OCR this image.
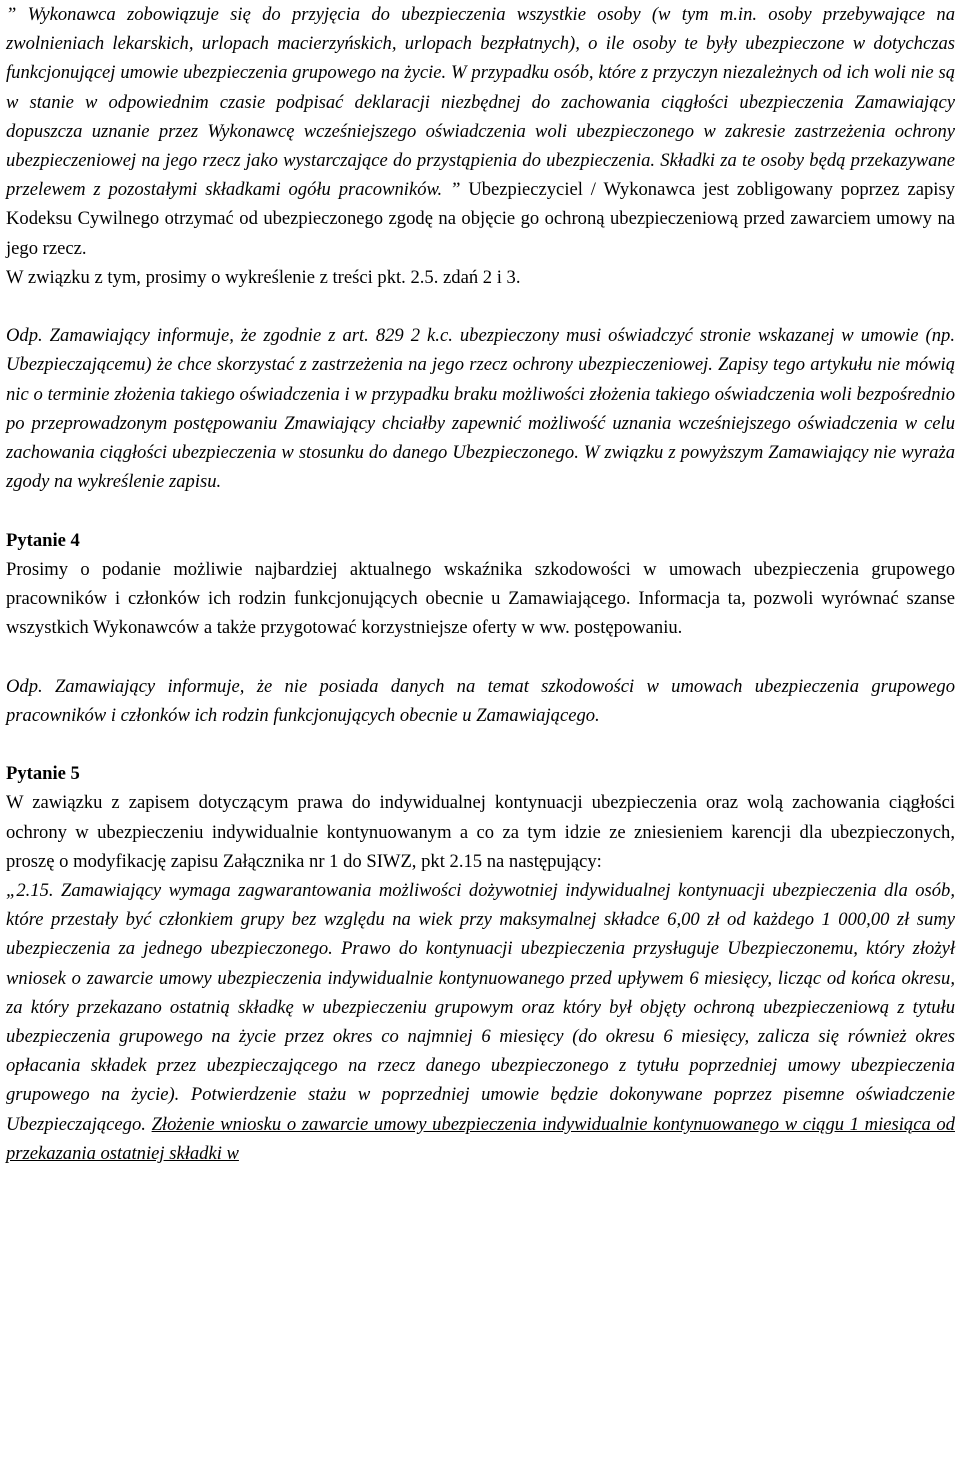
” Wykonawca zobowiązuje się do przyjęcia do ubezpieczenia wszystkie osoby (w tym m.in. osoby przebywające na zwolnieniach lekarskich, urlopach macierzyńskich, urlopach bezpłatnych), o ile osoby te były ubezpieczone w dotychczas funkcjonującej umowie ubezpieczenia grupowego na życie. W przypadku osób, które z przyczyn niezależnych od ich woli nie są w stanie w odpowiednim czasie podpisać deklaracji niezbędnej do zachowania ciągłości ubezpieczenia Zamawiający dopuszcza uznanie przez Wykonawcę wcześniejszego oświadczenia woli ubezpieczonego w zakresie zastrzeżenia ochrony ubezpieczeniowej na jego rzecz jako wystarczające do przystąpienia do ubezpieczenia. Składki za te osoby będą przekazywane przelewem z pozostałymi składkami ogółu pracowników. ” Ubezpieczyciel / Wykonawca jest zobligowany poprzez zapisy Kodeksu Cywilnego otrzymać od ubezpieczonego zgodę na objęcie go ochroną ubezpieczeniową przed zawarciem umowy na jego rzecz.

W związku z tym, prosimy o wykreślenie z treści pkt. 2.5. zdań 2 i 3.

Odp. Zamawiający informuje, że zgodnie z art. 829 2 k.c. ubezpieczony musi oświadczyć stronie wskazanej w umowie (np. Ubezpieczającemu) że chce skorzystać z zastrzeżenia na jego rzecz ochrony ubezpieczeniowej. Zapisy tego artykułu nie mówią nic o terminie złożenia takiego oświadczenia i w przypadku braku możliwości złożenia takiego oświadczenia woli bezpośrednio po przeprowadzonym postępowaniu Zmawiający chciałby zapewnić możliwość uznania wcześniejszego oświadczenia w celu zachowania ciągłości ubezpieczenia w stosunku do danego Ubezpieczonego. W związku z powyższym Zamawiający nie wyraża zgody na wykreślenie zapisu.

Pytanie 4

Prosimy o podanie możliwie najbardziej aktualnego wskaźnika szkodowości w umowach ubezpieczenia grupowego pracowników i członków ich rodzin funkcjonujących obecnie u Zamawiającego. Informacja ta, pozwoli wyrównać szanse wszystkich Wykonawców a także przygotować korzystniejsze oferty w ww. postępowaniu.

Odp. Zamawiający informuje, że nie posiada danych na temat szkodowości w umowach ubezpieczenia grupowego pracowników i członków ich rodzin funkcjonujących obecnie u Zamawiającego.

Pytanie 5

W zawiązku z zapisem dotyczącym prawa do indywidualnej kontynuacji ubezpieczenia oraz wolą zachowania ciągłości ochrony w ubezpieczeniu indywidualnie kontynuowanym a co za tym idzie ze zniesieniem karencji dla ubezpieczonych, proszę o modyfikację zapisu Załącznika nr 1 do SIWZ, pkt 2.15 na następujący:

„2.15. Zamawiający wymaga zagwarantowania możliwości dożywotniej indywidualnej kontynuacji ubezpieczenia dla osób, które przestały być członkiem grupy bez względu na wiek przy maksymalnej składce 6,00 zł od każdego 1 000,00 zł sumy ubezpieczenia za jednego ubezpieczonego. Prawo do kontynuacji ubezpieczenia przysługuje Ubezpieczonemu, który złożył wniosek o zawarcie umowy ubezpieczenia indywidualnie kontynuowanego przed upływem 6 miesięcy, licząc od końca okresu, za który przekazano ostatnią składkę w ubezpieczeniu grupowym oraz który był objęty ochroną ubezpieczeniową z tytułu ubezpieczenia grupowego na życie przez okres co najmniej 6 miesięcy (do okresu 6 miesięcy, zalicza się również okres opłacania składek przez ubezpieczającego na rzecz danego ubezpieczonego z tytułu poprzedniej umowy ubezpieczenia grupowego na życie). Potwierdzenie stażu w poprzedniej umowie będzie dokonywane poprzez pisemne oświadczenie Ubezpieczającego. Złożenie wniosku o zawarcie umowy ubezpieczenia indywidualnie kontynuowanego w ciągu 1 miesiąca od przekazania ostatniej składki w
